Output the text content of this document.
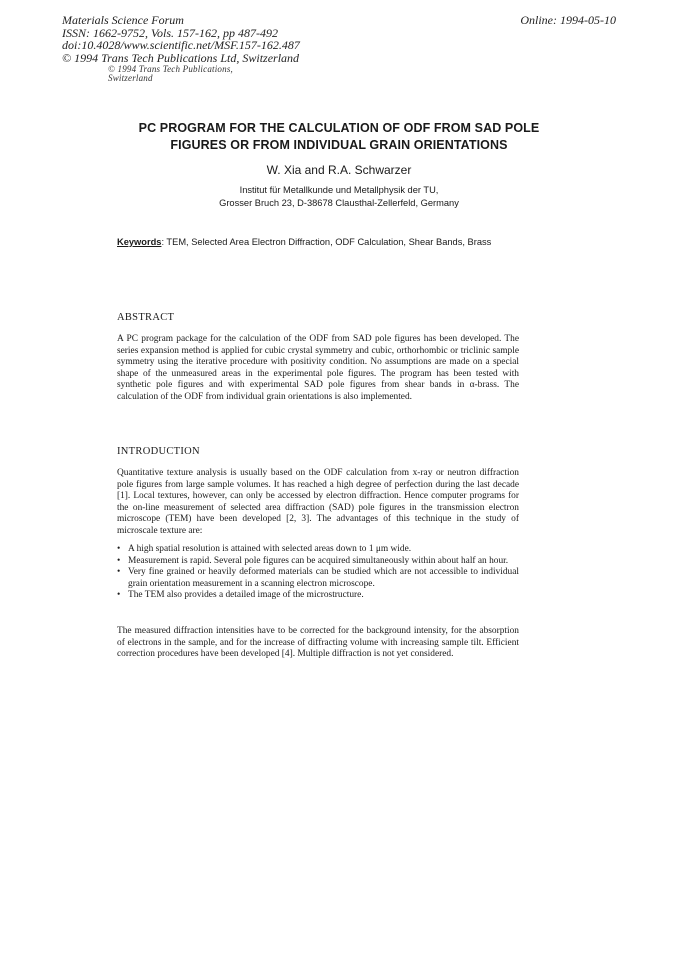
Materials Science Forum
ISSN: 1662-9752, Vols. 157-162, pp 487-492
doi:10.4028/www.scientific.net/MSF.157-162.487
© 1994 Trans Tech Publications Ltd, Switzerland
Online: 1994-05-10
© 1994 Trans Tech Publications, Switzerland
PC PROGRAM FOR THE CALCULATION OF ODF FROM SAD POLE
FIGURES OR FROM INDIVIDUAL GRAIN ORIENTATIONS
W. Xia and R.A. Schwarzer
Institut für Metallkunde und Metallphysik der TU,
Grosser Bruch 23, D-38678 Clausthal-Zellerfeld, Germany
Keywords: TEM, Selected Area Electron Diffraction, ODF Calculation, Shear Bands, Brass
ABSTRACT
A PC program package for the calculation of the ODF from SAD pole figures has been developed. The series expansion method is applied for cubic crystal symmetry and cubic, orthorhombic or triclinic sample symmetry using the iterative procedure with positivity condition. No assumptions are made on a special shape of the unmeasured areas in the experimental pole figures. The program has been tested with synthetic pole figures and with experimental SAD pole figures from shear bands in α-brass. The calculation of the ODF from individual grain orientations is also implemented.
INTRODUCTION
Quantitative texture analysis is usually based on the ODF calculation from x-ray or neutron diffraction pole figures from large sample volumes. It has reached a high degree of perfection during the last decade [1]. Local textures, however, can only be accessed by electron diffraction. Hence computer programs for the on-line measurement of selected area diffraction (SAD) pole figures in the transmission electron microscope (TEM) have been developed [2, 3]. The advantages of this technique in the study of microscale texture are:
• A high spatial resolution is attained with selected areas down to 1 μm wide.
• Measurement is rapid. Several pole figures can be acquired simultaneously within about half an hour.
• Very fine grained or heavily deformed materials can be studied which are not accessible to individual grain orientation measurement in a scanning electron microscope.
• The TEM also provides a detailed image of the microstructure.
The measured diffraction intensities have to be corrected for the background intensity, for the absorption of electrons in the sample, and for the increase of diffracting volume with increasing sample tilt. Efficient correction procedures have been developed [4]. Multiple diffraction is not yet considered.
